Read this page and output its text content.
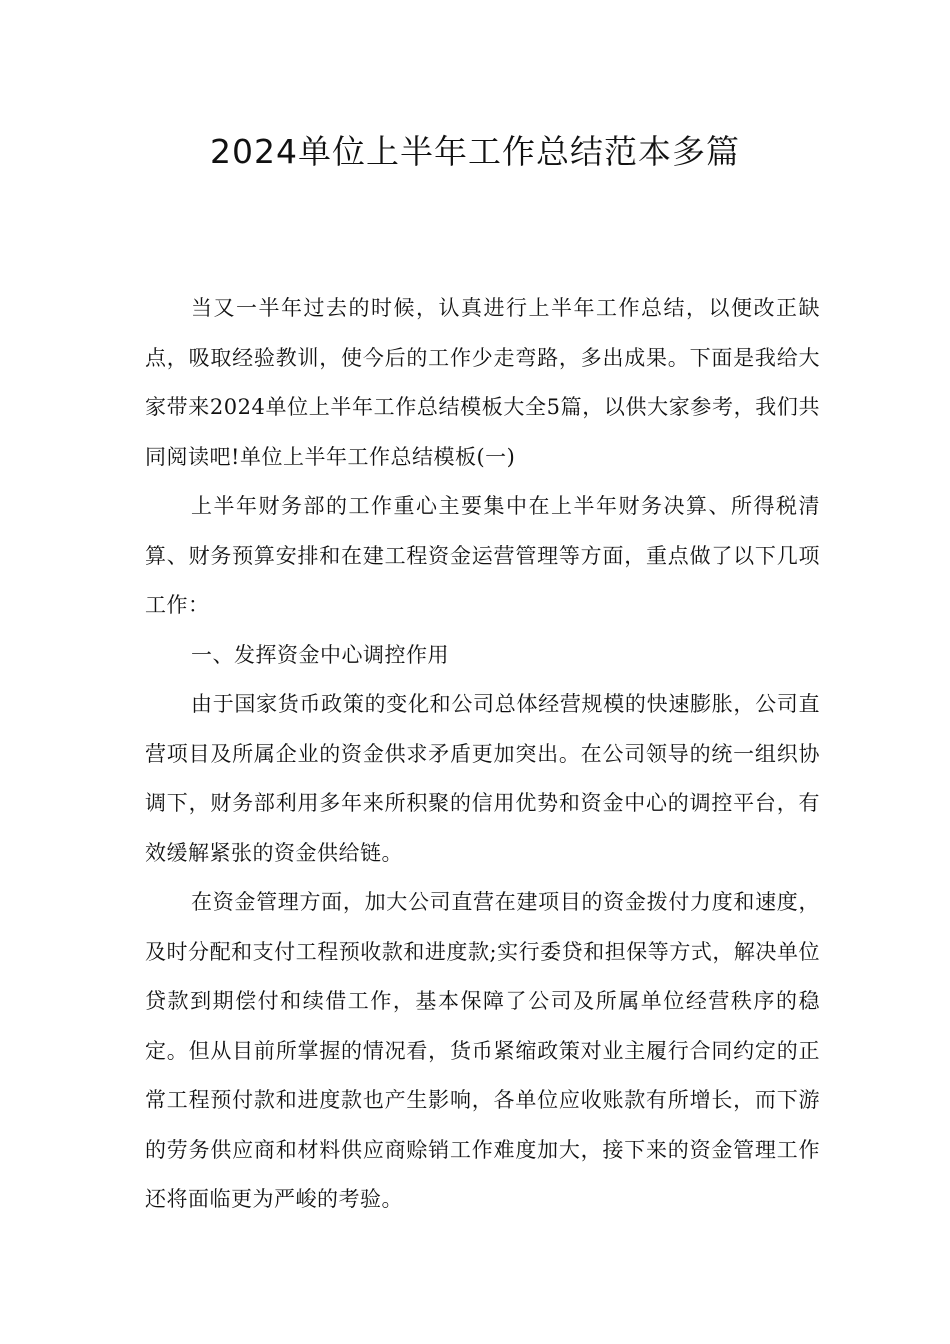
2024单位上半年工作总结范本多篇

当又一半年过去的时候，认真进行上半年工作总结，以便改正缺点，吸取经验教训，使今后的工作少走弯路，多出成果。下面是我给大家带来2024单位上半年工作总结模板大全5篇，以供大家参考，我们共同阅读吧!单位上半年工作总结模板(一)

上半年财务部的工作重心主要集中在上半年财务决算、所得税清算、财务预算安排和在建工程资金运营管理等方面，重点做了以下几项工作：

一、发挥资金中心调控作用

由于国家货币政策的变化和公司总体经营规模的快速膨胀，公司直营项目及所属企业的资金供求矛盾更加突出。在公司领导的统一组织协调下，财务部利用多年来所积聚的信用优势和资金中心的调控平台，有效缓解紧张的资金供给链。

在资金管理方面，加大公司直营在建项目的资金拨付力度和速度，及时分配和支付工程预收款和进度款;实行委贷和担保等方式，解决单位贷款到期偿付和续借工作，基本保障了公司及所属单位经营秩序的稳定。但从目前所掌握的情况看，货币紧缩政策对业主履行合同约定的正常工程预付款和进度款也产生影响，各单位应收账款有所增长，而下游的劳务供应商和材料供应商赊销工作难度加大，接下来的资金管理工作还将面临更为严峻的考验。
